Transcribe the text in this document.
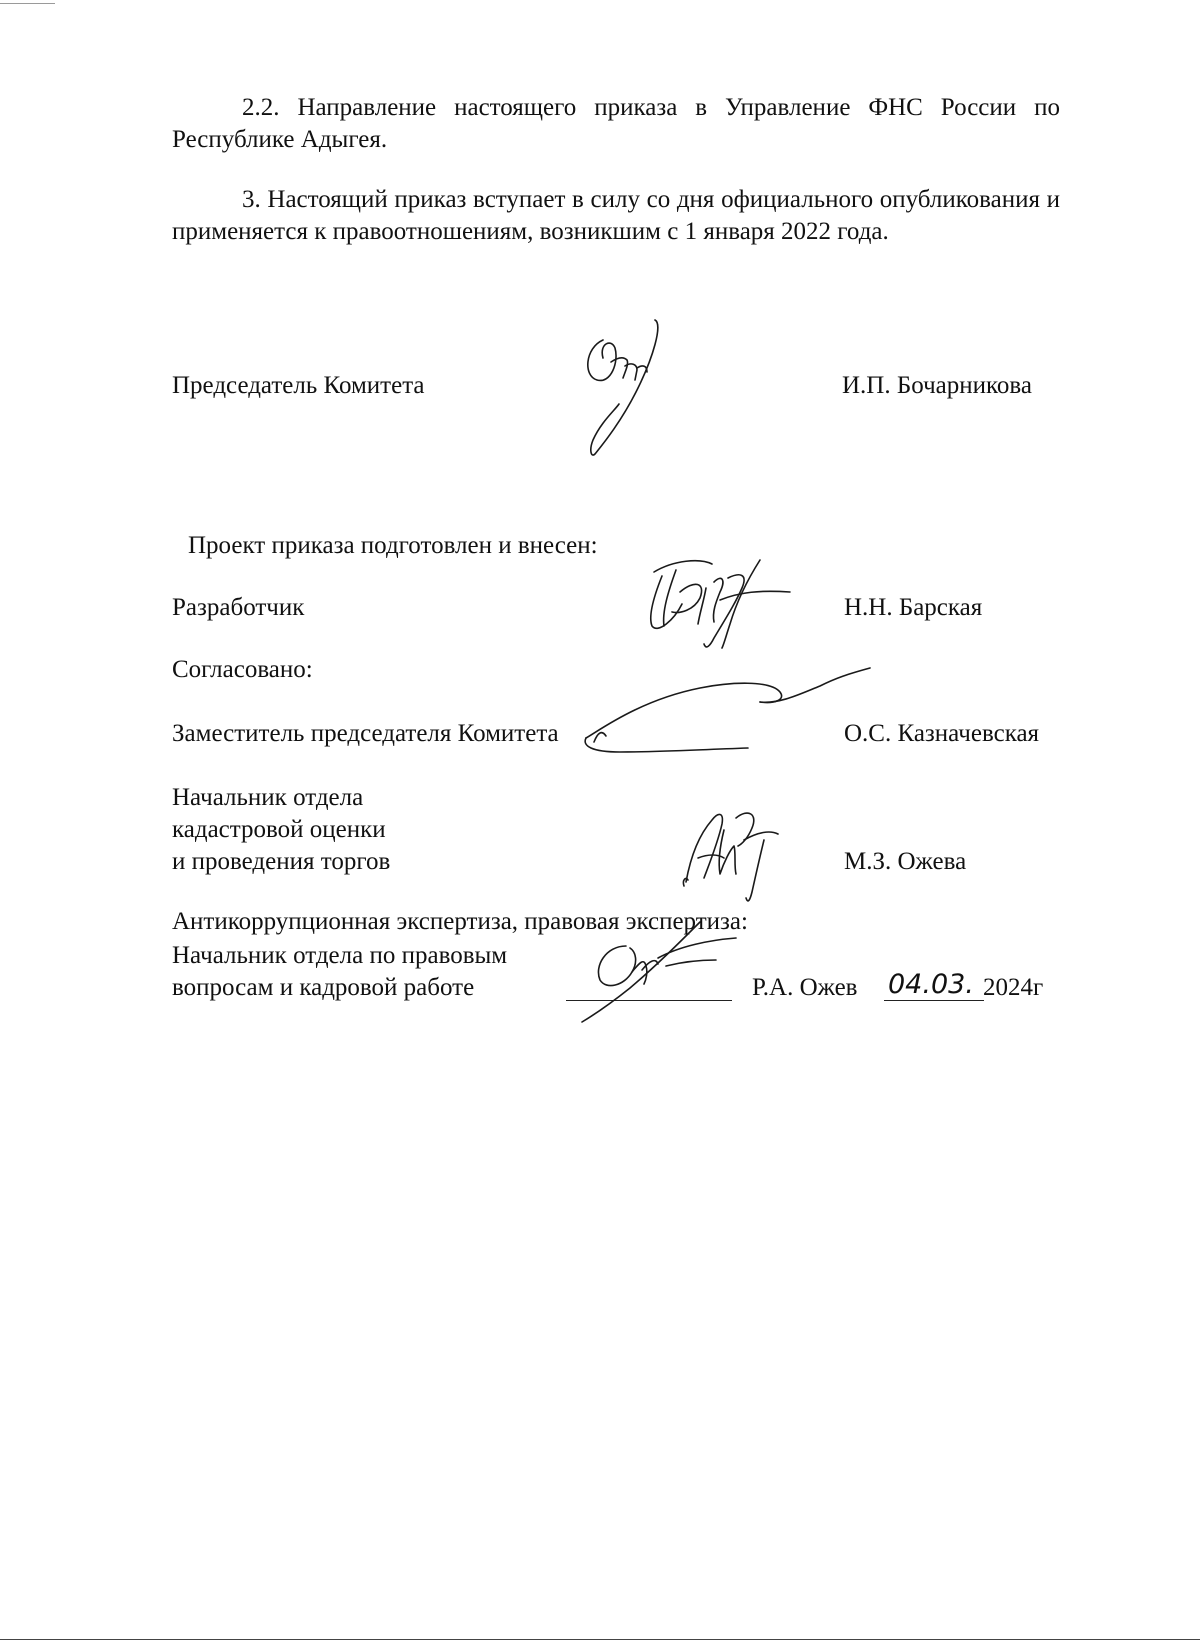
2.2. Направление настоящего приказа в Управление ФНС России по Республике Адыгея.
3. Настоящий приказ вступает в силу со дня официального опубликования и применяется к правоотношениям, возникшим с 1 января 2022 года.
Председатель Комитета	И.П. Бочарникова
Проект приказа подготовлен и внесен:
Разработчик	Н.Н. Барская
Согласовано:
Заместитель председателя Комитета	О.С. Казначевская
Начальник отдела
кадастровой оценки
и проведения торгов	М.З. Ожева
Антикоррупционная экспертиза, правовая экспертиза:
Начальник отдела по правовым
вопросам и кадровой работе	Р.А. Ожев 04.03. 2024г
